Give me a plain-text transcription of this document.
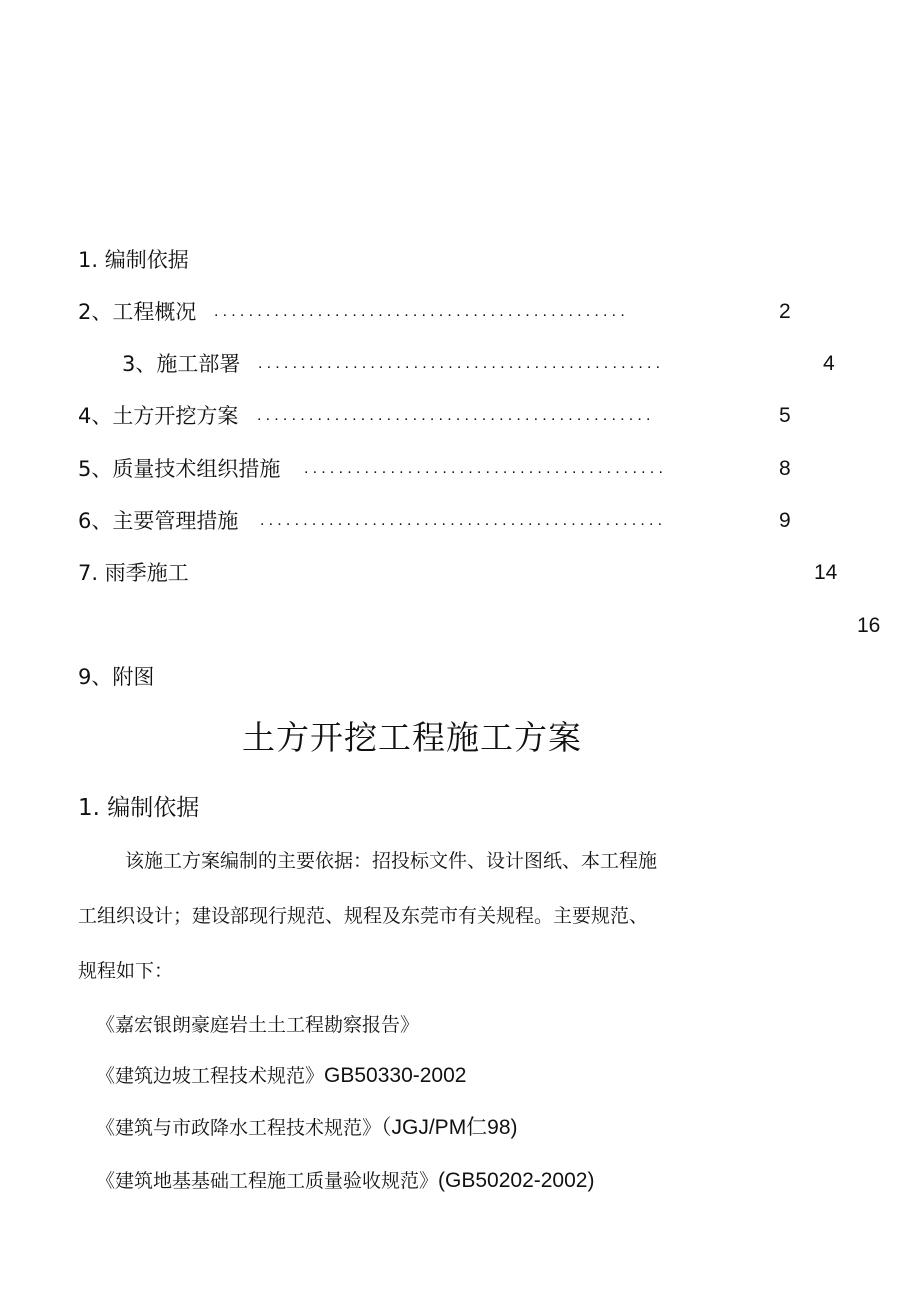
1. 编制依据
2、工程概况 ................................................	2
3、施工部署 ...............................................	4
4、土方开挖方案 ..............................................	5
5、质量技术组织措施 ..........................................	8
6、主要管理措施 ...............................................	9
7. 雨季施工	14
16
9、附图
土方开挖工程施工方案
1. 编制依据
该施工方案编制的主要依据：招投标文件、设计图纸、本工程施
工组织设计；建设部现行规范、规程及东莞市有关规程。主要规范、
规程如下：
《嘉宏银朗豪庭岩土土工程勘察报告》
《建筑边坡工程技术规范》GB50330-2002
《建筑与市政降水工程技术规范》（JGJ/PM仁98)
《建筑地基基础工程施工质量验收规范》(GB50202-2002)
